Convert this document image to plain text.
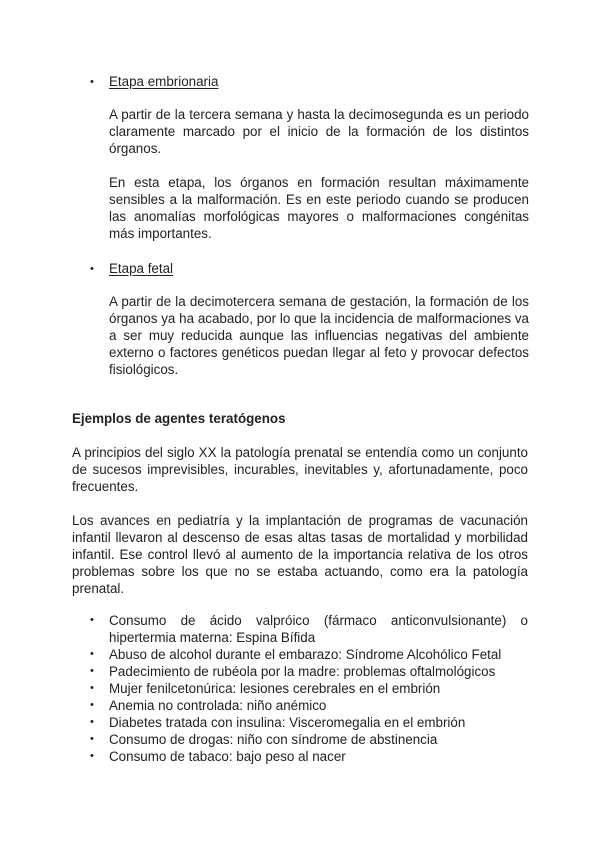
• Etapa embrionaria
A partir de la tercera semana y hasta la decimosegunda es un periodo claramente marcado por el inicio de la formación de los distintos órganos.
En esta etapa, los órganos en formación resultan máximamente sensibles a la malformación. Es en este periodo cuando se producen las anomalías morfológicas mayores o malformaciones congénitas más importantes.
• Etapa fetal
A partir de la decimotercera semana de gestación, la formación de los órganos ya ha acabado, por lo que la incidencia de malformaciones va a ser muy reducida aunque las influencias negativas del ambiente externo o factores genéticos puedan llegar al feto y provocar defectos fisiológicos.
Ejemplos de agentes teratógenos
A principios del siglo XX la patología prenatal se entendía como un conjunto de sucesos imprevisibles, incurables, inevitables y, afortunadamente, poco frecuentes.
Los avances en pediatría y la implantación de programas de vacunación infantil llevaron al descenso de esas altas tasas de mortalidad y morbilidad infantil. Ese control llevó al aumento de la importancia relativa de los otros problemas sobre los que no se estaba actuando, como era la patología prenatal.
• Consumo de ácido valpróico (fármaco anticonvulsionante) o hipertermia materna: Espina Bífida
• Abuso de alcohol durante el embarazo: Síndrome Alcohólico Fetal
• Padecimiento de rubéola por la madre: problemas oftalmológicos
• Mujer fenilcetonúrica: lesiones cerebrales en el embrión
• Anemia no controlada: niño anémico
• Diabetes tratada con insulina: Visceromegalia en el embrión
• Consumo de drogas: niño con síndrome de abstinencia
• Consumo de tabaco: bajo peso al nacer
